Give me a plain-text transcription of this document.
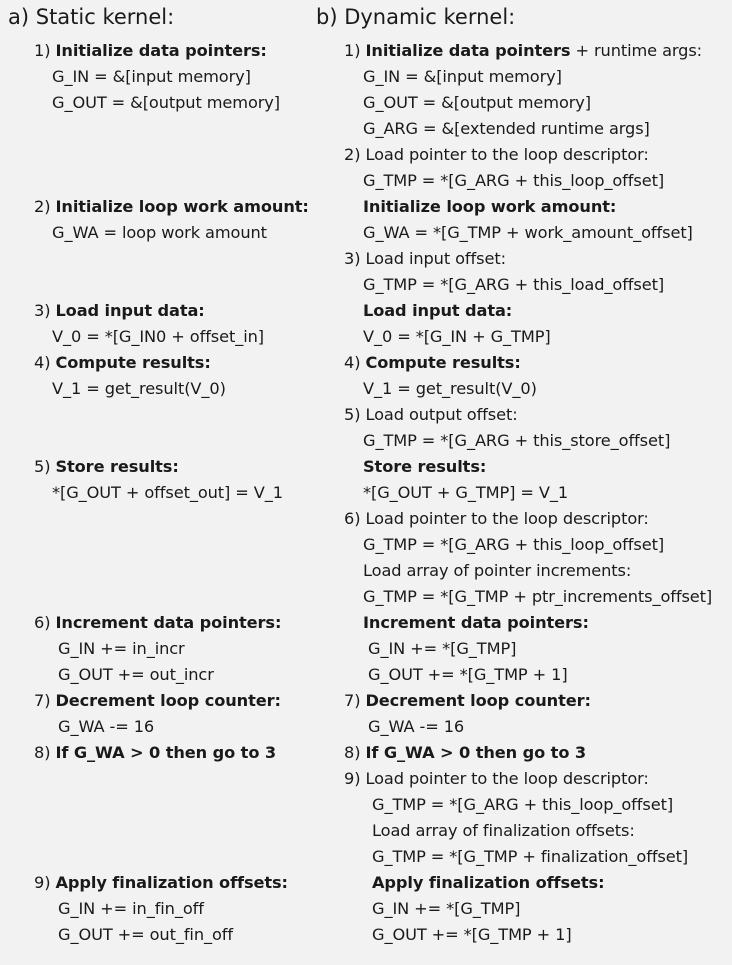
a) Static kernel:
1) Initialize data pointers:
G_IN = &[input memory]
G_OUT = &[output memory]
2) Initialize loop work amount:
G_WA = loop work amount
3) Load input data:
V_0 = *[G_IN0 + offset_in]
4) Compute results:
V_1 = get_result(V_0)
5) Store results:
*[G_OUT + offset_out] = V_1
6) Increment data pointers:
G_IN += in_incr
G_OUT += out_incr
7) Decrement loop counter:
G_WA -= 16
8) If G_WA > 0 then go to 3
9) Apply finalization offsets:
G_IN += in_fin_off
G_OUT += out_fin_off
b) Dynamic kernel:
1) Initialize data pointers + runtime args:
G_IN = &[input memory]
G_OUT = &[output memory]
G_ARG = &[extended runtime args]
2) Load pointer to the loop descriptor:
G_TMP = *[G_ARG + this_loop_offset]
Initialize loop work amount:
G_WA = *[G_TMP + work_amount_offset]
3) Load input offset:
G_TMP = *[G_ARG + this_load_offset]
Load input data:
V_0 = *[G_IN + G_TMP]
4) Compute results:
V_1 = get_result(V_0)
5) Load output offset:
G_TMP = *[G_ARG + this_store_offset]
Store results:
*[G_OUT + G_TMP] = V_1
6) Load pointer to the loop descriptor:
G_TMP = *[G_ARG + this_loop_offset]
Load array of pointer increments:
G_TMP = *[G_TMP + ptr_increments_offset]
Increment data pointers:
G_IN += *[G_TMP]
G_OUT += *[G_TMP + 1]
7) Decrement loop counter:
G_WA -= 16
8) If G_WA > 0 then go to 3
9) Load pointer to the loop descriptor:
G_TMP = *[G_ARG + this_loop_offset]
Load array of finalization offsets:
G_TMP = *[G_TMP + finalization_offset]
Apply finalization offsets:
G_IN += *[G_TMP]
G_OUT += *[G_TMP + 1]
